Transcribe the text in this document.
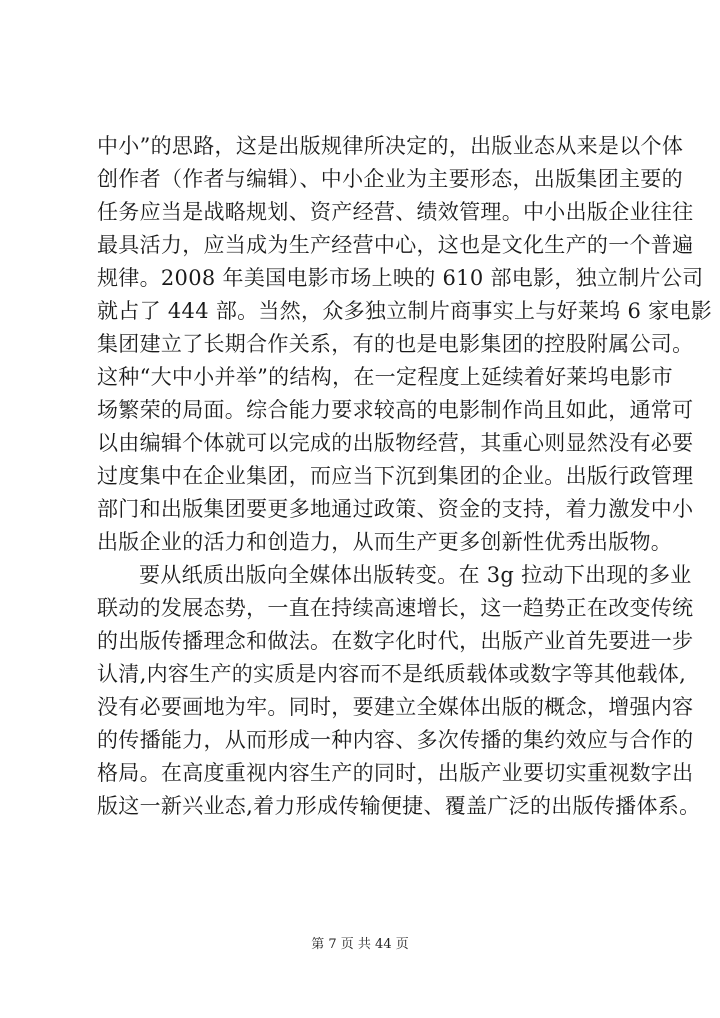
中小”的思路，这是出版规律所决定的，出版业态从来是以个体
创作者（作者与编辑）、中小企业为主要形态，出版集团主要的
任务应当是战略规划、资产经营、绩效管理。中小出版企业往往
最具活力，应当成为生产经营中心，这也是文化生产的一个普遍
规律。2008 年美国电影市场上映的 610 部电影，独立制片公司
就占了 444 部。当然，众多独立制片商事实上与好莱坞 6 家电影
集团建立了长期合作关系，有的也是电影集团的控股附属公司。
这种“大中小并举”的结构，在一定程度上延续着好莱坞电影市
场繁荣的局面。综合能力要求较高的电影制作尚且如此，通常可
以由编辑个体就可以完成的出版物经营，其重心则显然没有必要
过度集中在企业集团，而应当下沉到集团的企业。出版行政管理
部门和出版集团要更多地通过政策、资金的支持，着力激发中小
出版企业的活力和创造力，从而生产更多创新性优秀出版物。
要从纸质出版向全媒体出版转变。在 3g 拉动下出现的多业
联动的发展态势，一直在持续高速增长，这一趋势正在改变传统
的出版传播理念和做法。在数字化时代，出版产业首先要进一步
认清,内容生产的实质是内容而不是纸质载体或数字等其他载体,
没有必要画地为牢。同时，要建立全媒体出版的概念，增强内容
的传播能力，从而形成一种内容、多次传播的集约效应与合作的
格局。在高度重视内容生产的同时，出版产业要切实重视数字出
版这一新兴业态,着力形成传输便捷、覆盖广泛的出版传播体系。
第 7 页 共 44 页
